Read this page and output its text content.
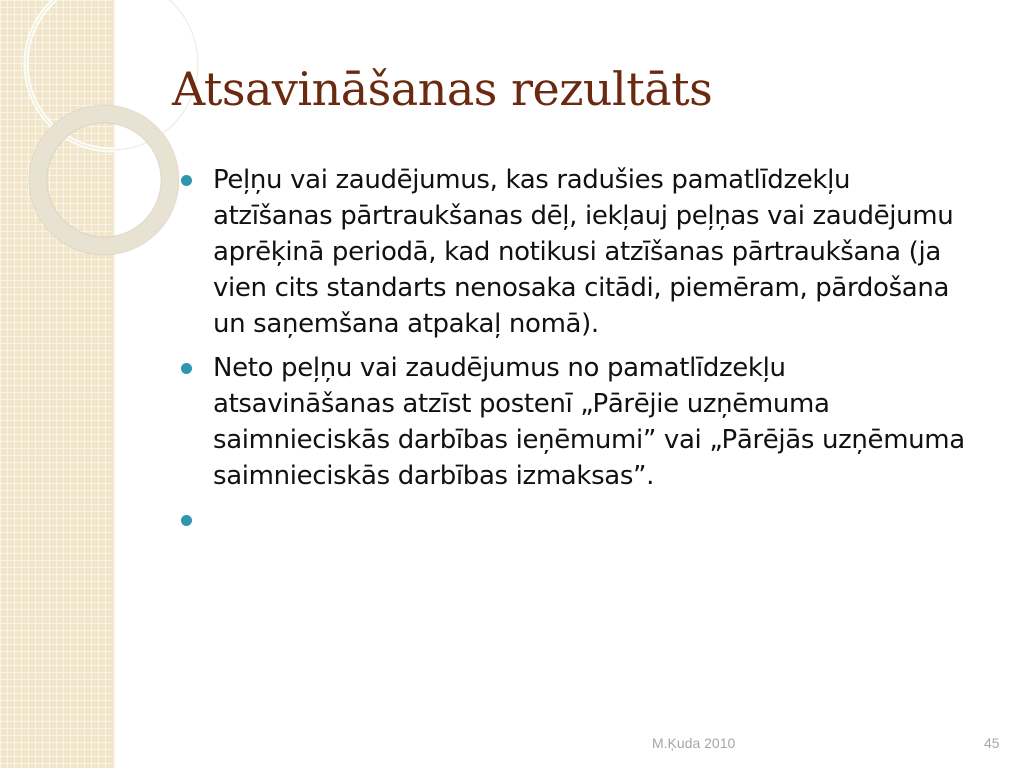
Atsavināšanas rezultāts
Peļņu vai zaudējumus, kas radušies pamatlīdzekļu atzīšanas pārtraukšanas dēļ, iekļauj peļņas vai zaudējumu aprēķinā periodā, kad notikusi atzīšanas pārtraukšana (ja vien cits standarts nenosaka citādi, piemēram, pārdošana un saņemšana atpakaļ nomā).
Neto peļņu vai zaudējumus no pamatlīdzekļu atsavināšanas atzīst postenī „Pārējie uzņēmuma saimnieciskās darbības ieņēmumi” vai „Pārējās uzņēmuma saimnieciskās darbības izmaksas”.
M.Ķuda 2010	45
